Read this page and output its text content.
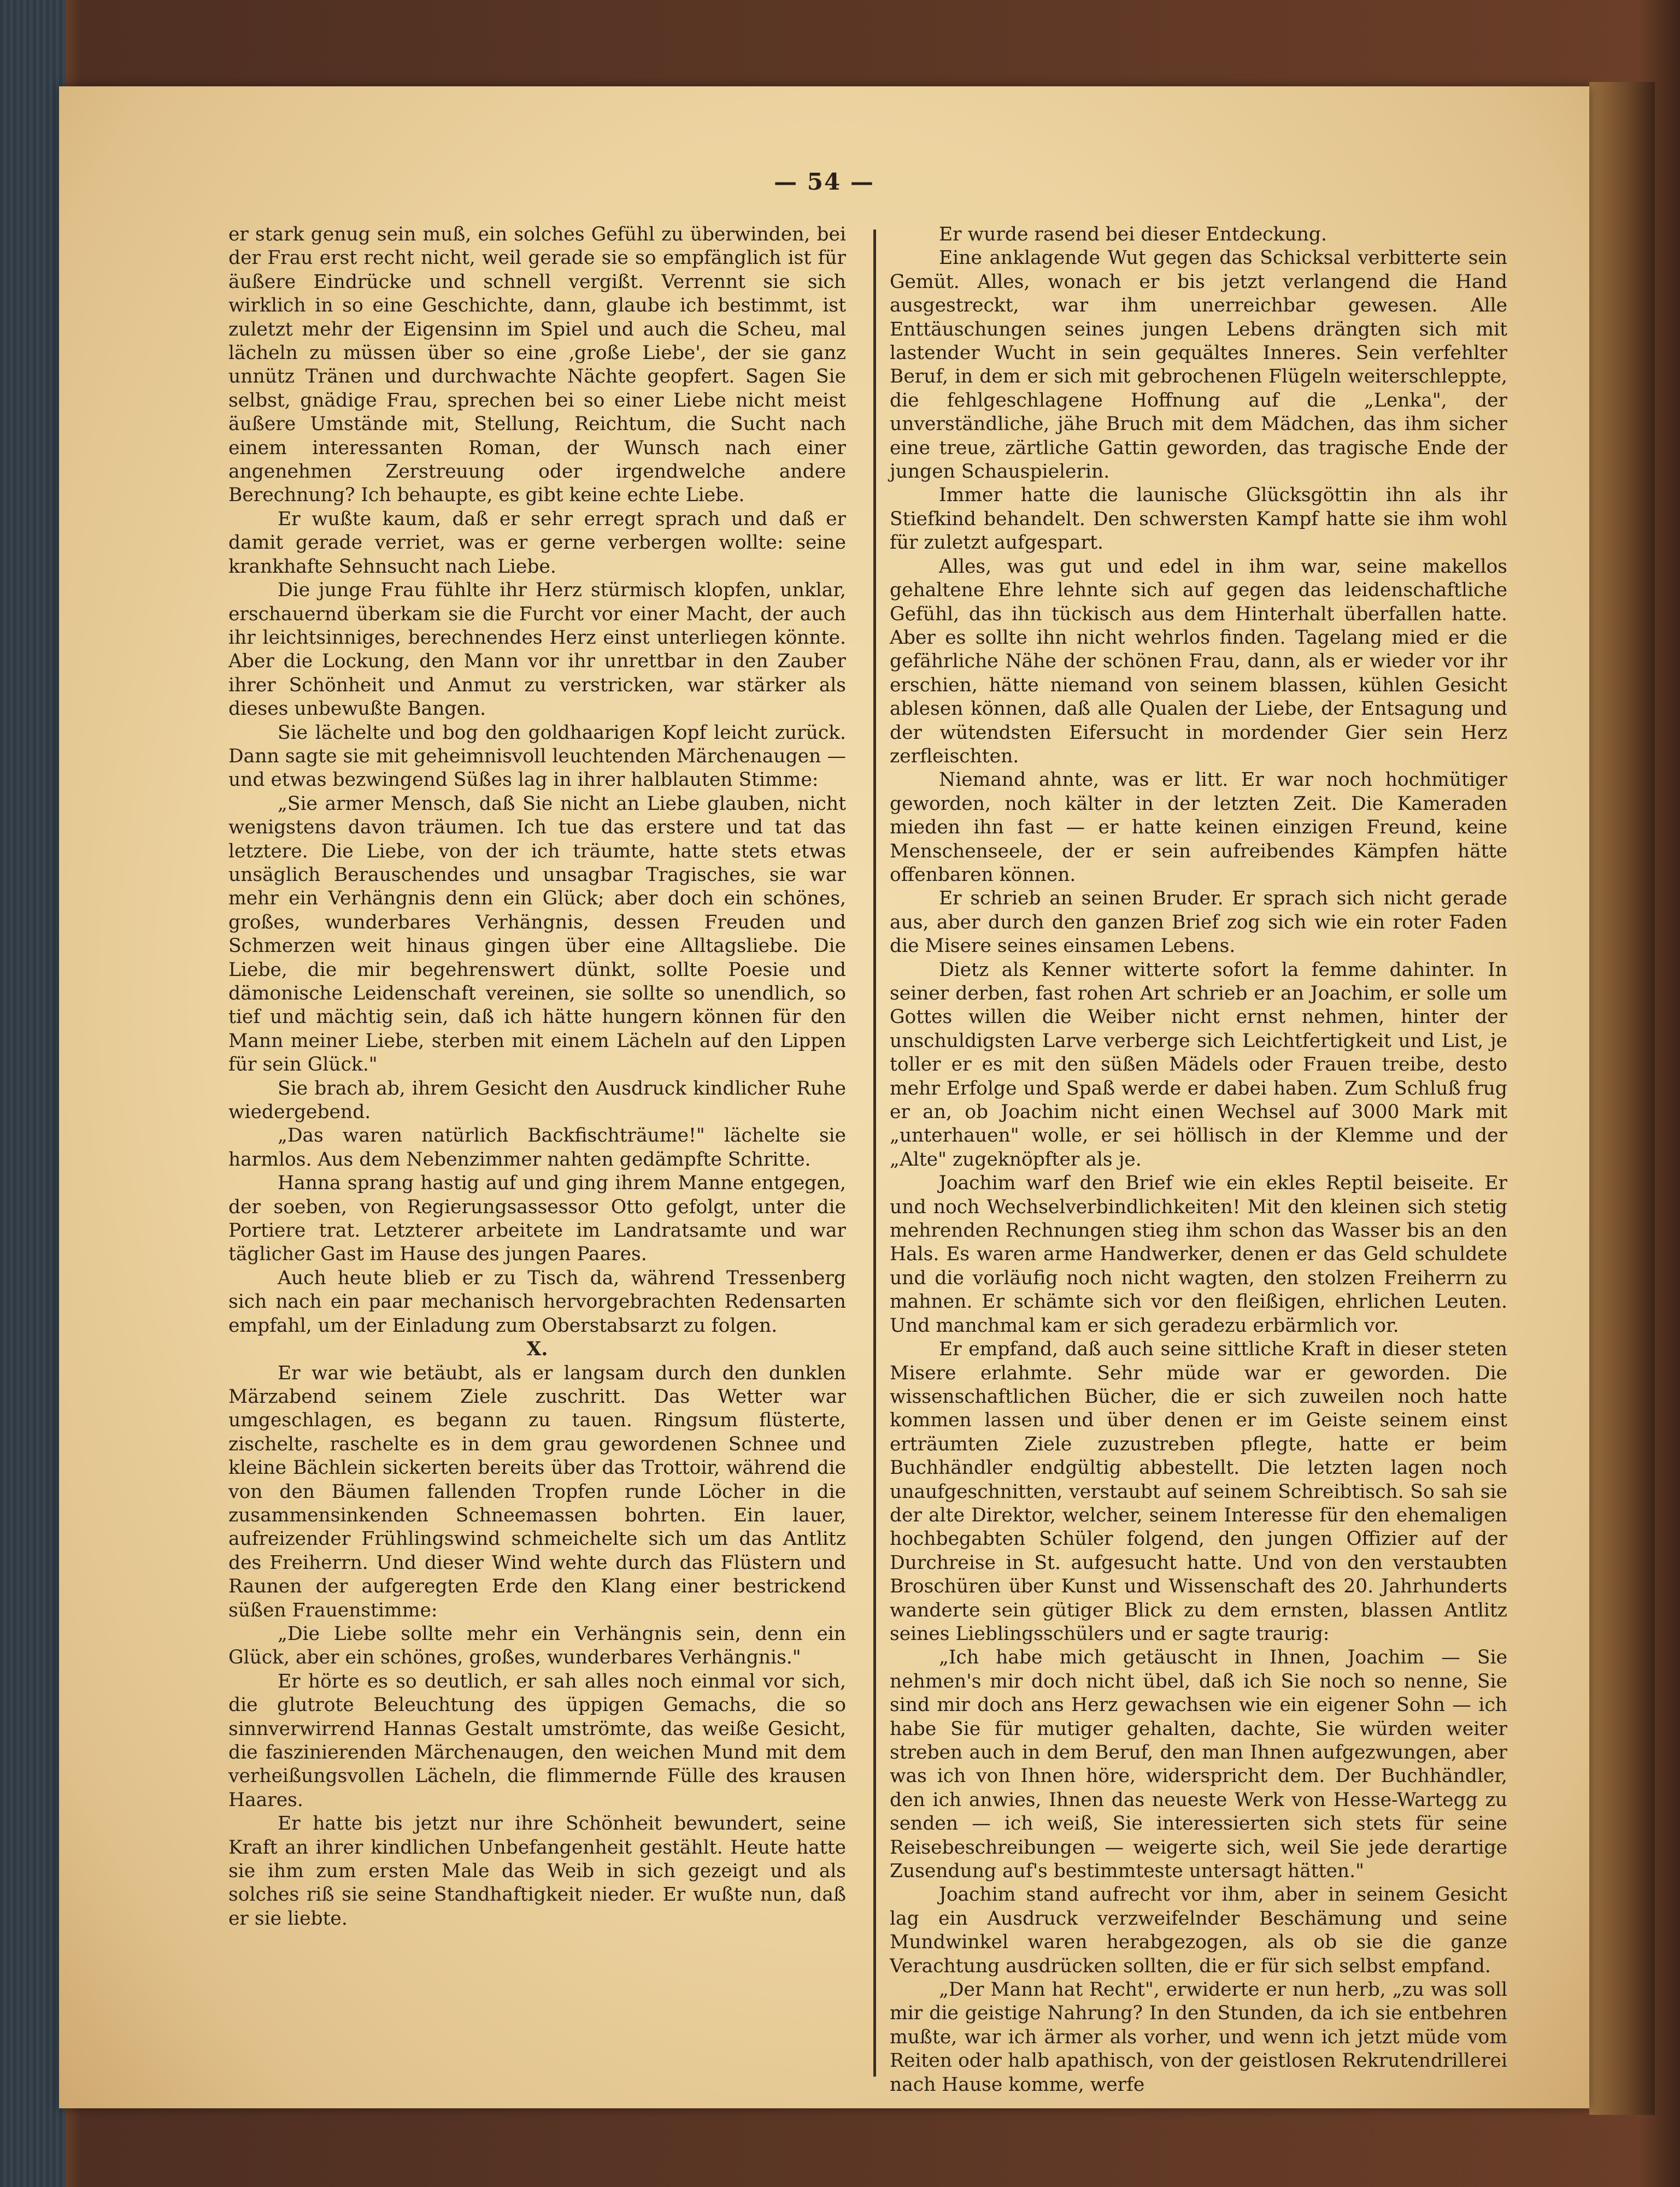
— 54 —

er stark genug sein muß, ein solches Gefühl zu überwinden, bei der Frau erst recht nicht, weil gerade sie so empfänglich ist für äußere Eindrücke und schnell vergißt. Verrennt sie sich wirklich in so eine Geschichte, dann, glaube ich bestimmt, ist zuletzt mehr der Eigensinn im Spiel und auch die Scheu, mal lächeln zu müssen über so eine ‚große Liebe', der sie ganz unnütz Tränen und durchwachte Nächte geopfert. Sagen Sie selbst, gnädige Frau, sprechen bei so einer Liebe nicht meist äußere Umstände mit, Stellung, Reichtum, die Sucht nach einem interessanten Roman, der Wunsch nach einer angenehmen Zerstreuung oder irgendwelche andere Berechnung? Ich behaupte, es gibt keine echte Liebe.

Er wußte kaum, daß er sehr erregt sprach und daß er damit gerade verriet, was er gerne verbergen wollte: seine krankhafte Sehnsucht nach Liebe.

Die junge Frau fühlte ihr Herz stürmisch klopfen, unklar, erschauernd überkam sie die Furcht vor einer Macht, der auch ihr leichtsinniges, berechnendes Herz einst unterliegen könnte. Aber die Lockung, den Mann vor ihr unrettbar in den Zauber ihrer Schönheit und Anmut zu verstricken, war stärker als dieses unbewußte Bangen.

Sie lächelte und bog den goldhaarigen Kopf leicht zurück. Dann sagte sie mit geheimnisvoll leuchtenden Märchenaugen — und etwas bezwingend Süßes lag in ihrer halblauten Stimme:

„Sie armer Mensch, daß Sie nicht an Liebe glauben, nicht wenigstens davon träumen. Ich tue das erstere und tat das letztere. Die Liebe, von der ich träumte, hatte stets etwas unsäglich Berauschendes und unsagbar Tragisches, sie war mehr ein Verhängnis denn ein Glück; aber doch ein schönes, großes, wunderbares Verhängnis, dessen Freuden und Schmerzen weit hinaus gingen über eine Alltagsliebe. Die Liebe, die mir begehrenswert dünkt, sollte Poesie und dämonische Leidenschaft vereinen, sie sollte so unendlich, so tief und mächtig sein, daß ich hätte hungern können für den Mann meiner Liebe, sterben mit einem Lächeln auf den Lippen für sein Glück."

Sie brach ab, ihrem Gesicht den Ausdruck kindlicher Ruhe wiedergebend.

„Das waren natürlich Backfischträume!" lächelte sie harmlos. Aus dem Nebenzimmer nahten gedämpfte Schritte.

Hanna sprang hastig auf und ging ihrem Manne entgegen, der soeben, von Regierungsassessor Otto gefolgt, unter die Portiere trat. Letzterer arbeitete im Landratsamte und war täglicher Gast im Hause des jungen Paares.

Auch heute blieb er zu Tisch da, während Tressenberg sich nach ein paar mechanisch hervorgebrachten Redensarten empfahl, um der Einladung zum Oberstabsarzt zu folgen.

X.

Er war wie betäubt, als er langsam durch den dunklen Märzabend seinem Ziele zuschritt. Das Wetter war umgeschlagen, es begann zu tauen. Ringsum flüsterte, zischelte, raschelte es in dem grau gewordenen Schnee und kleine Bächlein sickerten bereits über das Trottoir, während die von den Bäumen fallenden Tropfen runde Löcher in die zusammensinkenden Schneemassen bohrten. Ein lauer, aufreizender Frühlingswind schmeichelte sich um das Antlitz des Freiherrn. Und dieser Wind wehte durch das Flüstern und Raunen der aufgeregten Erde den Klang einer bestrickend süßen Frauenstimme:

„Die Liebe sollte mehr ein Verhängnis sein, denn ein Glück, aber ein schönes, großes, wunderbares Verhängnis."

Er hörte es so deutlich, er sah alles noch einmal vor sich, die glutrote Beleuchtung des üppigen Gemachs, die so sinnverwirrend Hannas Gestalt umströmte, das weiße Gesicht, die faszinierenden Märchenaugen, den weichen Mund mit dem verheißungsvollen Lächeln, die flimmernde Fülle des krausen Haares.

Er hatte bis jetzt nur ihre Schönheit bewundert, seine Kraft an ihrer kindlichen Unbefangenheit gestählt. Heute hatte sie ihm zum ersten Male das Weib in sich gezeigt und als solches riß sie seine Standhaftigkeit nieder. Er wußte nun, daß er sie liebte.

Er wurde rasend bei dieser Entdeckung.

Eine anklagende Wut gegen das Schicksal verbitterte sein Gemüt. Alles, wonach er bis jetzt verlangend die Hand ausgestreckt, war ihm unerreichbar gewesen. Alle Enttäuschungen seines jungen Lebens drängten sich mit lastender Wucht in sein gequältes Inneres. Sein verfehlter Beruf, in dem er sich mit gebrochenen Flügeln weiterschleppte, die fehlgeschlagene Hoffnung auf die „Lenka", der unverständliche, jähe Bruch mit dem Mädchen, das ihm sicher eine treue, zärtliche Gattin geworden, das tragische Ende der jungen Schauspielerin.

Immer hatte die launische Glücksgöttin ihn als ihr Stiefkind behandelt. Den schwersten Kampf hatte sie ihm wohl für zuletzt aufgespart.

Alles, was gut und edel in ihm war, seine makellos gehaltene Ehre lehnte sich auf gegen das leidenschaftliche Gefühl, das ihn tückisch aus dem Hinterhalt überfallen hatte. Aber es sollte ihn nicht wehrlos finden. Tagelang mied er die gefährliche Nähe der schönen Frau, dann, als er wieder vor ihr erschien, hätte niemand von seinem blassen, kühlen Gesicht ablesen können, daß alle Qualen der Liebe, der Entsagung und der wütendsten Eifersucht in mordender Gier sein Herz zerfleischten.

Niemand ahnte, was er litt. Er war noch hochmütiger geworden, noch kälter in der letzten Zeit. Die Kameraden mieden ihn fast — er hatte keinen einzigen Freund, keine Menschenseele, der er sein aufreibendes Kämpfen hätte offenbaren können.

Er schrieb an seinen Bruder. Er sprach sich nicht gerade aus, aber durch den ganzen Brief zog sich wie ein roter Faden die Misere seines einsamen Lebens.

Dietz als Kenner witterte sofort la femme dahinter. In seiner derben, fast rohen Art schrieb er an Joachim, er solle um Gottes willen die Weiber nicht ernst nehmen, hinter der unschuldigsten Larve verberge sich Leichtfertigkeit und List, je toller er es mit den süßen Mädels oder Frauen treibe, desto mehr Erfolge und Spaß werde er dabei haben. Zum Schluß frug er an, ob Joachim nicht einen Wechsel auf 3000 Mark mit „unterhauen" wolle, er sei höllisch in der Klemme und der „Alte" zugeknöpfter als je.

Joachim warf den Brief wie ein ekles Reptil beiseite. Er und noch Wechselverbindlichkeiten! Mit den kleinen sich stetig mehrenden Rechnungen stieg ihm schon das Wasser bis an den Hals. Es waren arme Handwerker, denen er das Geld schuldete und die vorläufig noch nicht wagten, den stolzen Freiherrn zu mahnen. Er schämte sich vor den fleißigen, ehrlichen Leuten. Und manchmal kam er sich geradezu erbärmlich vor.

Er empfand, daß auch seine sittliche Kraft in dieser steten Misere erlahmte. Sehr müde war er geworden. Die wissenschaftlichen Bücher, die er sich zuweilen noch hatte kommen lassen und über denen er im Geiste seinem einst erträumten Ziele zuzustreben pflegte, hatte er beim Buchhändler endgültig abbestellt. Die letzten lagen noch unaufgeschnitten, verstaubt auf seinem Schreibtisch. So sah sie der alte Direktor, welcher, seinem Interesse für den ehemaligen hochbegabten Schüler folgend, den jungen Offizier auf der Durchreise in St. aufgesucht hatte. Und von den verstaubten Broschüren über Kunst und Wissenschaft des 20. Jahrhunderts wanderte sein gütiger Blick zu dem ernsten, blassen Antlitz seines Lieblingsschülers und er sagte traurig:

„Ich habe mich getäuscht in Ihnen, Joachim — Sie nehmen's mir doch nicht übel, daß ich Sie noch so nenne, Sie sind mir doch ans Herz gewachsen wie ein eigener Sohn — ich habe Sie für mutiger gehalten, dachte, Sie würden weiter streben auch in dem Beruf, den man Ihnen aufgezwungen, aber was ich von Ihnen höre, widerspricht dem. Der Buchhändler, den ich anwies, Ihnen das neueste Werk von Hesse-Wartegg zu senden — ich weiß, Sie interessierten sich stets für seine Reisebeschreibungen — weigerte sich, weil Sie jede derartige Zusendung auf's bestimmteste untersagt hätten."

Joachim stand aufrecht vor ihm, aber in seinem Gesicht lag ein Ausdruck verzweifelnder Beschämung und seine Mundwinkel waren herabgezogen, als ob sie die ganze Verachtung ausdrücken sollten, die er für sich selbst empfand.

„Der Mann hat Recht", erwiderte er nun herb, „zu was soll mir die geistige Nahrung? In den Stunden, da ich sie entbehren mußte, war ich ärmer als vorher, und wenn ich jetzt müde vom Reiten oder halb apathisch, von der geistlosen Rekrutendrillerei nach Hause komme, werfe
